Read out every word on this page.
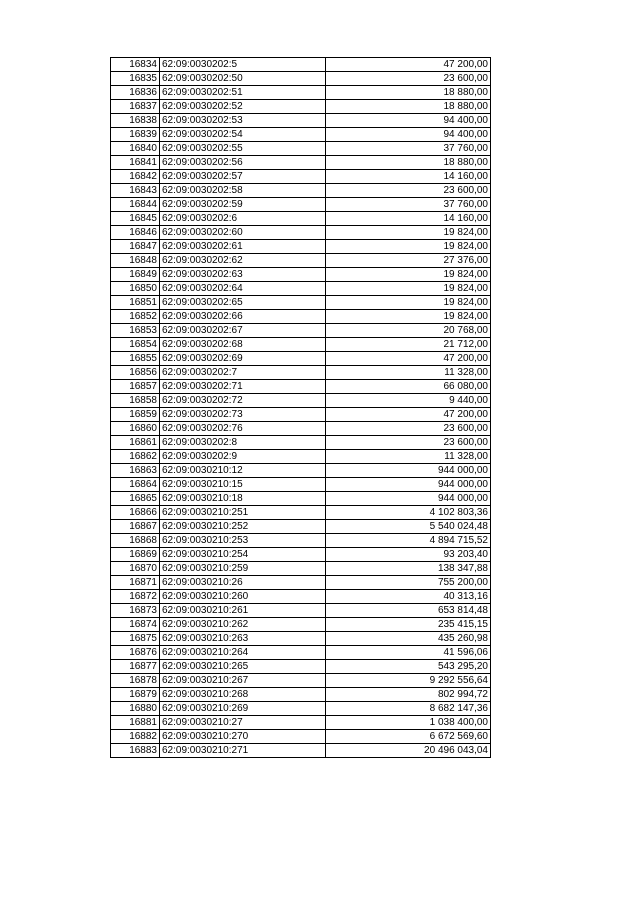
16834	62:09:0030202:5	47 200,00
16835	62:09:0030202:50	23 600,00
16836	62:09:0030202:51	18 880,00
16837	62:09:0030202:52	18 880,00
16838	62:09:0030202:53	94 400,00
16839	62:09:0030202:54	94 400,00
16840	62:09:0030202:55	37 760,00
16841	62:09:0030202:56	18 880,00
16842	62:09:0030202:57	14 160,00
16843	62:09:0030202:58	23 600,00
16844	62:09:0030202:59	37 760,00
16845	62:09:0030202:6	14 160,00
16846	62:09:0030202:60	19 824,00
16847	62:09:0030202:61	19 824,00
16848	62:09:0030202:62	27 376,00
16849	62:09:0030202:63	19 824,00
16850	62:09:0030202:64	19 824,00
16851	62:09:0030202:65	19 824,00
16852	62:09:0030202:66	19 824,00
16853	62:09:0030202:67	20 768,00
16854	62:09:0030202:68	21 712,00
16855	62:09:0030202:69	47 200,00
16856	62:09:0030202:7	11 328,00
16857	62:09:0030202:71	66 080,00
16858	62:09:0030202:72	9 440,00
16859	62:09:0030202:73	47 200,00
16860	62:09:0030202:76	23 600,00
16861	62:09:0030202:8	23 600,00
16862	62:09:0030202:9	11 328,00
16863	62:09:0030210:12	944 000,00
16864	62:09:0030210:15	944 000,00
16865	62:09:0030210:18	944 000,00
16866	62:09:0030210:251	4 102 803,36
16867	62:09:0030210:252	5 540 024,48
16868	62:09:0030210:253	4 894 715,52
16869	62:09:0030210:254	93 203,40
16870	62:09:0030210:259	138 347,88
16871	62:09:0030210:26	755 200,00
16872	62:09:0030210:260	40 313,16
16873	62:09:0030210:261	653 814,48
16874	62:09:0030210:262	235 415,15
16875	62:09:0030210:263	435 260,98
16876	62:09:0030210:264	41 596,06
16877	62:09:0030210:265	543 295,20
16878	62:09:0030210:267	9 292 556,64
16879	62:09:0030210:268	802 994,72
16880	62:09:0030210:269	8 682 147,36
16881	62:09:0030210:27	1 038 400,00
16882	62:09:0030210:270	6 672 569,60
16883	62:09:0030210:271	20 496 043,04
